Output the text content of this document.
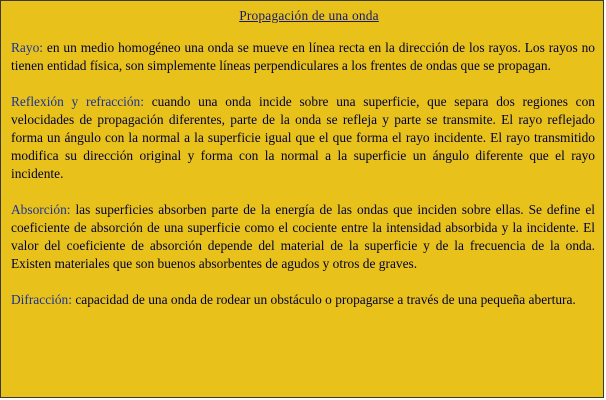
Propagación de una onda

Rayo: en un medio homogéneo una onda se mueve en línea recta en la dirección de los rayos. Los rayos no tienen entidad física, son simplemente líneas perpendiculares a los frentes de ondas que se propagan.

Reflexión y refracción: cuando una onda incide sobre una superficie, que separa dos regiones con velocidades de propagación diferentes, parte de la onda se refleja y parte se transmite. El rayo reflejado forma un ángulo con la normal a la superficie igual que el que forma el rayo incidente. El rayo transmitido modifica su dirección original y forma con la normal a la superficie un ángulo diferente que el rayo incidente.

Absorción: las superficies absorben parte de la energía de las ondas que inciden sobre ellas. Se define el coeficiente de absorción de una superficie como el cociente entre la intensidad absorbida y la incidente. El valor del coeficiente de absorción depende del material de la superficie y de la frecuencia de la onda. Existen materiales que son buenos absorbentes de agudos y otros de graves.

Difracción: capacidad de una onda de rodear un obstáculo o propagarse a través de una pequeña abertura.
